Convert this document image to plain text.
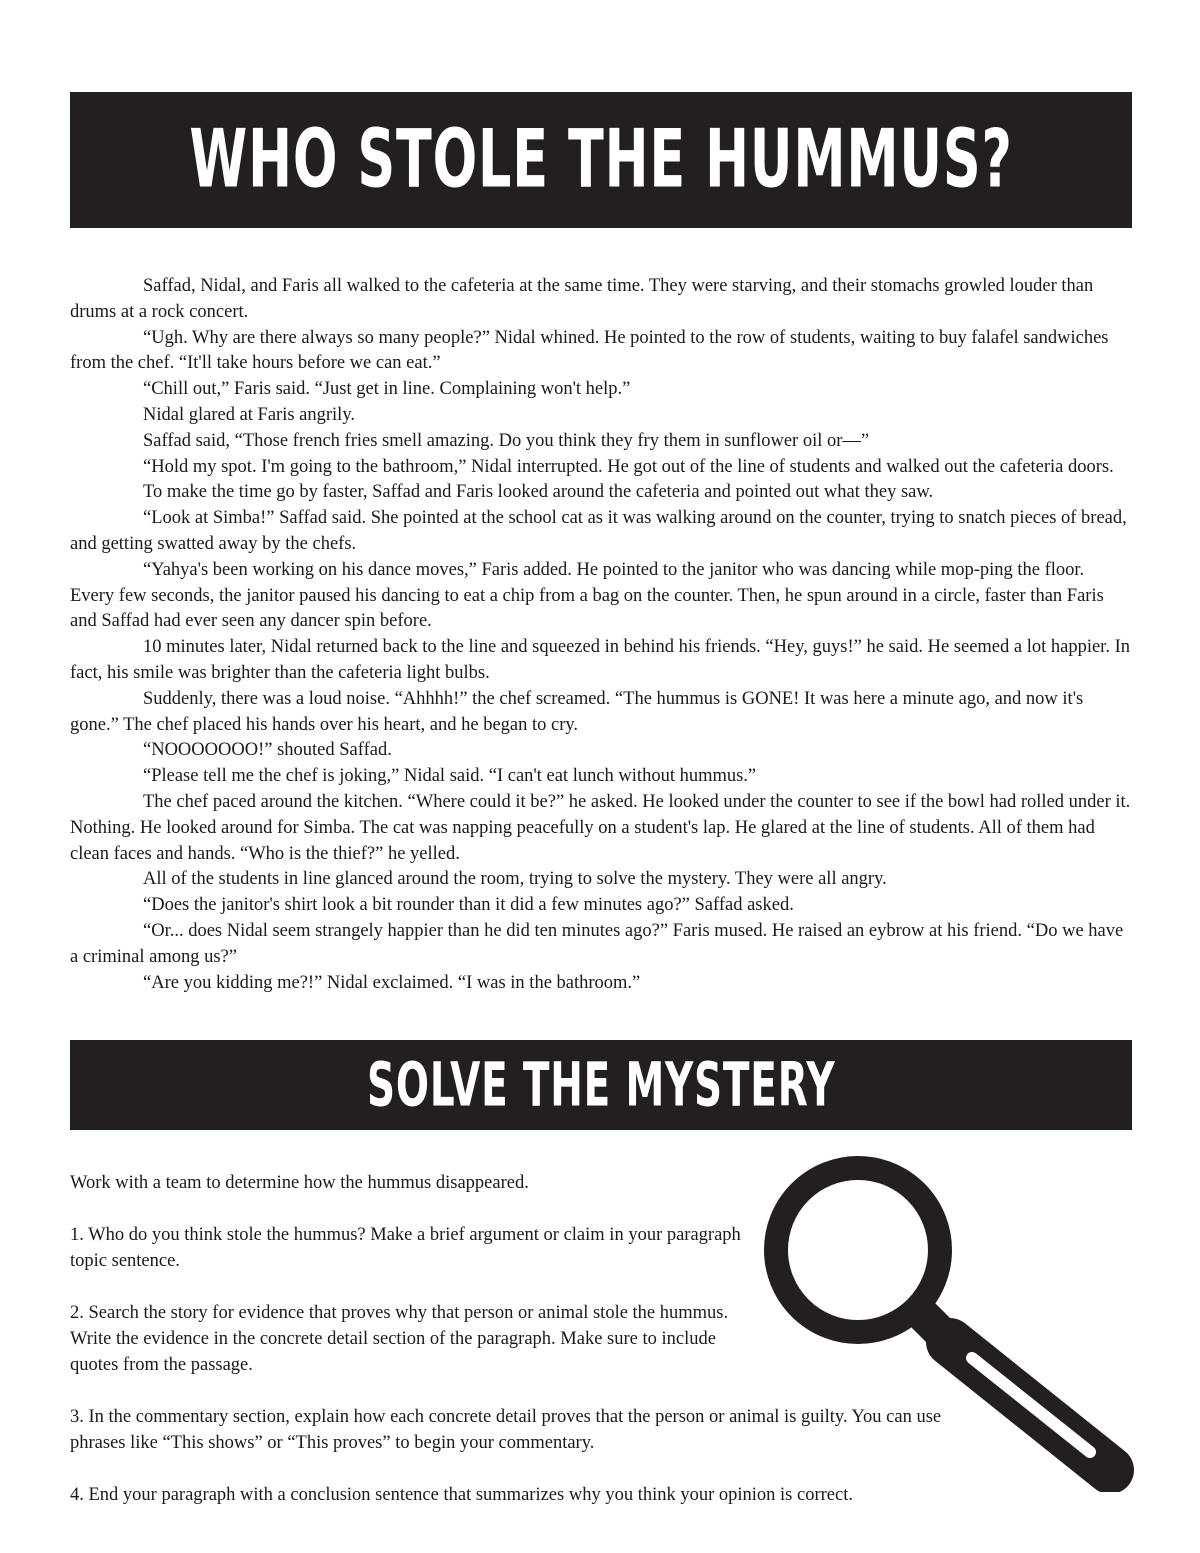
WHO STOLE THE HUMMUS?

Saffad, Nidal, and Faris all walked to the cafeteria at the same time. They were starving, and their stomachs growled louder than drums at a rock concert.

“Ugh. Why are there always so many people?” Nidal whined. He pointed to the row of students, waiting to buy falafel sandwiches from the chef. “It'll take hours before we can eat.”

“Chill out,” Faris said. “Just get in line. Complaining won't help.”

Nidal glared at Faris angrily.

Saffad said, “Those french fries smell amazing. Do you think they fry them in sunflower oil or—”

“Hold my spot. I'm going to the bathroom,” Nidal interrupted. He got out of the line of students and walked out the cafeteria doors.

To make the time go by faster, Saffad and Faris looked around the cafeteria and pointed out what they saw.

“Look at Simba!” Saffad said. She pointed at the school cat as it was walking around on the counter, trying to snatch pieces of bread, and getting swatted away by the chefs.

“Yahya's been working on his dance moves,” Faris added. He pointed to the janitor who was dancing while mop-ping the floor. Every few seconds, the janitor paused his dancing to eat a chip from a bag on the counter. Then, he spun around in a circle, faster than Faris and Saffad had ever seen any dancer spin before.

10 minutes later, Nidal returned back to the line and squeezed in behind his friends. “Hey, guys!” he said. He seemed a lot happier. In fact, his smile was brighter than the cafeteria light bulbs.

Suddenly, there was a loud noise. “Ahhhh!” the chef screamed. “The hummus is GONE! It was here a minute ago, and now it's gone.” The chef placed his hands over his heart, and he began to cry.

“NOOOOOOO!” shouted Saffad.

“Please tell me the chef is joking,” Nidal said. “I can't eat lunch without hummus.”

The chef paced around the kitchen. “Where could it be?” he asked. He looked under the counter to see if the bowl had rolled under it. Nothing. He looked around for Simba. The cat was napping peacefully on a student's lap. He glared at the line of students. All of them had clean faces and hands. “Who is the thief?” he yelled.

All of the students in line glanced around the room, trying to solve the mystery. They were all angry.

“Does the janitor's shirt look a bit rounder than it did a few minutes ago?” Saffad asked.

“Or... does Nidal seem strangely happier than he did ten minutes ago?” Faris mused. He raised an eybrow at his friend. “Do we have a criminal among us?”

“Are you kidding me?!” Nidal exclaimed. “I was in the bathroom.”

SOLVE THE MYSTERY

Work with a team to determine how the hummus disappeared.

1. Who do you think stole the hummus? Make a brief argument or claim in your paragraph topic sentence.

2. Search the story for evidence that proves why that person or animal stole the hummus. Write the evidence in the concrete detail section of the paragraph. Make sure to include quotes from the passage.

3. In the commentary section, explain how each concrete detail proves that the person or animal is guilty. You can use phrases like “This shows” or “This proves” to begin your commentary.

4. End your paragraph with a conclusion sentence that summarizes why you think your opinion is correct.
